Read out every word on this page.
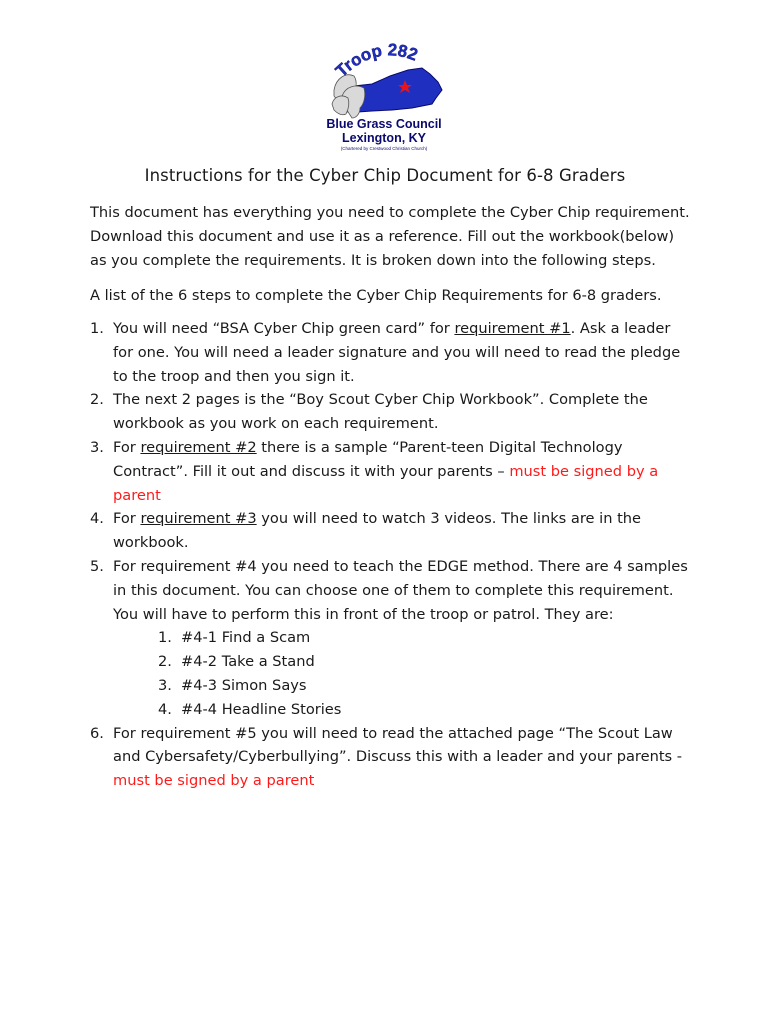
Troop 282
Blue Grass Council
Lexington, KY
(Chartered by Crestwood Christian Church)
Instructions for the Cyber Chip Document for 6-8 Graders
This document has everything you need to complete the Cyber Chip requirement.
Download this document and use it as a reference. Fill out the workbook(below)
as you complete the requirements. It is broken down into the following steps.
A list of the 6 steps to complete the Cyber Chip Requirements for 6-8 graders.
1. You will need “BSA Cyber Chip green card” for requirement #1. Ask a leader
for one. You will need a leader signature and you will need to read the pledge
to the troop and then you sign it.
2. The next 2 pages is the “Boy Scout Cyber Chip Workbook”. Complete the
workbook as you work on each requirement.
3. For requirement #2 there is a sample “Parent-teen Digital Technology
Contract”. Fill it out and discuss it with your parents – must be signed by a
parent
4. For requirement #3 you will need to watch 3 videos. The links are in the
workbook.
5. For requirement #4 you need to teach the EDGE method. There are 4 samples
in this document. You can choose one of them to complete this requirement.
You will have to perform this in front of the troop or patrol. They are:
1. #4-1 Find a Scam
2. #4-2 Take a Stand
3. #4-3 Simon Says
4. #4-4 Headline Stories
6. For requirement #5 you will need to read the attached page “The Scout Law
and Cybersafety/Cyberbullying”. Discuss this with a leader and your parents -
must be signed by a parent
